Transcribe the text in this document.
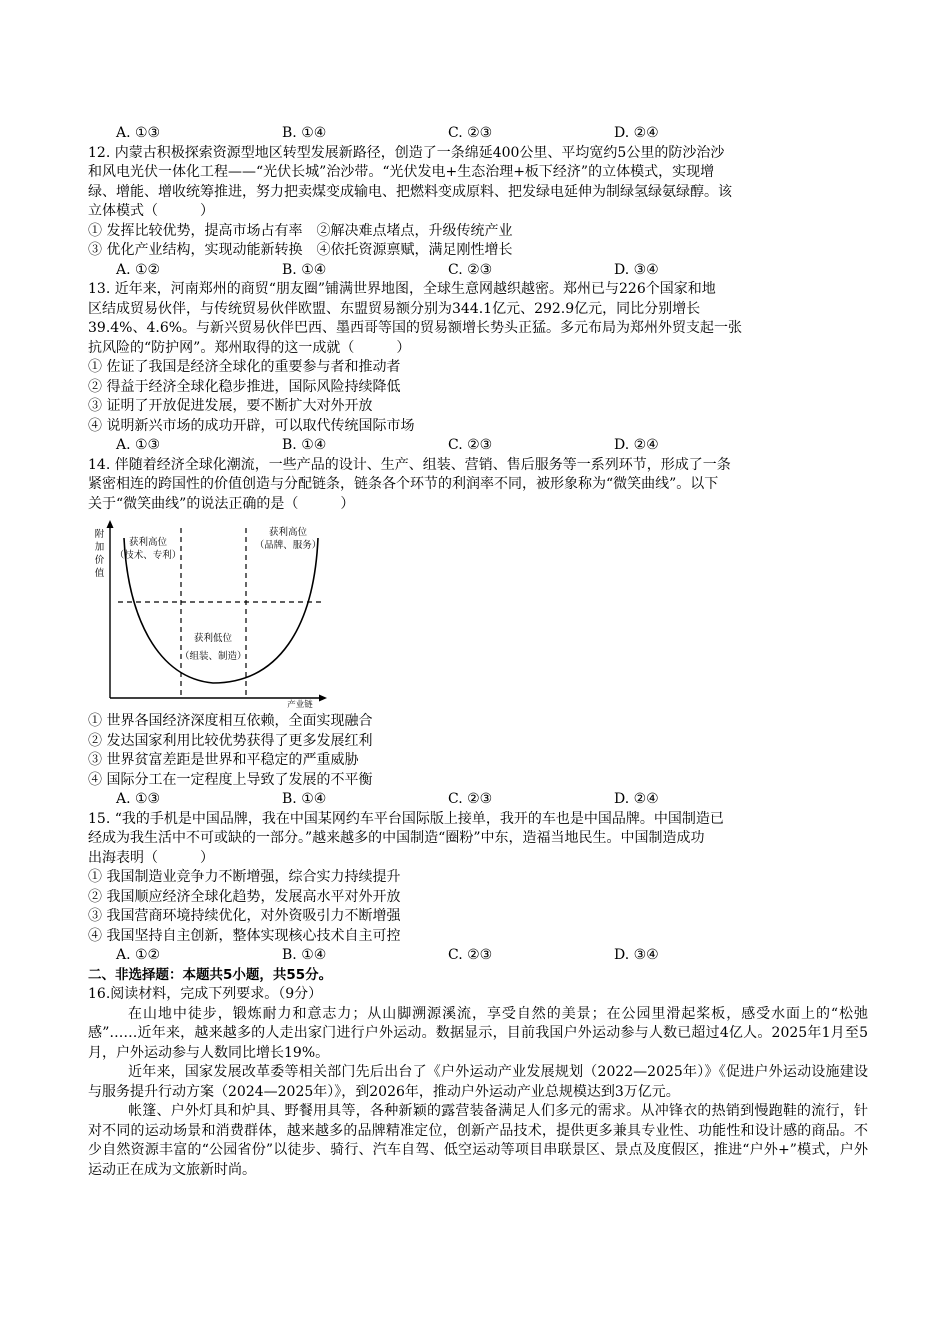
A. ①③	B. ①④	C. ②③	D. ②④
12. 内蒙古积极探索资源型地区转型发展新路径，创造了一条绵延400公里、平均宽约5公里的防沙治沙
和风电光伏一体化工程——“光伏长城”治沙带。“光伏发电+生态治理+板下经济”的立体模式，实现增
绿、增能、增收统筹推进，努力把卖煤变成输电、把燃料变成原料、把发绿电延伸为制绿氢绿氨绿醇。该
立体模式（　　　）
① 发挥比较优势，提高市场占有率　②解决难点堵点，升级传统产业
③ 优化产业结构，实现动能新转换　④依托资源禀赋，满足刚性增长
A. ①②	B. ①④	C. ②③	D. ③④
13. 近年来，河南郑州的商贸“朋友圈”铺满世界地图，全球生意网越织越密。郑州已与226个国家和地
区结成贸易伙伴，与传统贸易伙伴欧盟、东盟贸易额分别为344.1亿元、292.9亿元，同比分别增长
39.4%、4.6%。与新兴贸易伙伴巴西、墨西哥等国的贸易额增长势头正猛。多元布局为郑州外贸支起一张
抗风险的“防护网”。郑州取得的这一成就（　　　）
① 佐证了我国是经济全球化的重要参与者和推动者
② 得益于经济全球化稳步推进，国际风险持续降低
③ 证明了开放促进发展，要不断扩大对外开放
④ 说明新兴市场的成功开辟，可以取代传统国际市场
A. ①③	B. ①④	C. ②③	D. ②④
14. 伴随着经济全球化潮流，一些产品的设计、生产、组装、营销、售后服务等一系列环节，形成了一条
紧密相连的跨国性的价值创造与分配链条，链条各个环节的利润率不同，被形象称为“微笑曲线”。以下
关于“微笑曲线”的说法正确的是（　　　）
附
加
价
值
获利高位
（技术、专利）
获利高位
（品牌、服务）
获利低位
（组装、制造）
产业链
① 世界各国经济深度相互依赖，全面实现融合
② 发达国家利用比较优势获得了更多发展红利
③ 世界贫富差距是世界和平稳定的严重威胁
④ 国际分工在一定程度上导致了发展的不平衡
A. ①③	B. ①④	C. ②③	D. ②④
15. “我的手机是中国品牌，我在中国某网约车平台国际版上接单，我开的车也是中国品牌。中国制造已
经成为我生活中不可或缺的一部分。”越来越多的中国制造“圈粉”中东，造福当地民生。中国制造成功
出海表明（　　　）
① 我国制造业竞争力不断增强，综合实力持续提升
② 我国顺应经济全球化趋势，发展高水平对外开放
③ 我国营商环境持续优化，对外资吸引力不断增强
④ 我国坚持自主创新，整体实现核心技术自主可控
A. ①②	B. ①④	C. ②③	D. ③④
二、非选择题：本题共5小题，共55分。
16.阅读材料，完成下列要求。（9分）
在山地中徒步，锻炼耐力和意志力；从山脚溯源溪流，享受自然的美景；在公园里滑起桨板，感受水面上的“松弛感”……近年来，越来越多的人走出家门进行户外运动。数据显示，目前我国户外运动参与人数已超过4亿人。2025年1月至5月，户外运动参与人数同比增长19%。
近年来，国家发展改革委等相关部门先后出台了《户外运动产业发展规划（2022—2025年）》《促进户外运动设施建设与服务提升行动方案（2024—2025年）》，到2026年，推动户外运动产业总规模达到3万亿元。
帐篷、户外灯具和炉具、野餐用具等，各种新颖的露营装备满足人们多元的需求。从冲锋衣的热销到慢跑鞋的流行，针对不同的运动场景和消费群体，越来越多的品牌精准定位，创新产品技术，提供更多兼具专业性、功能性和设计感的商品。不少自然资源丰富的“公园省份”以徒步、骑行、汽车自驾、低空运动等项目串联景区、景点及度假区，推进“户外+”模式，户外运动正在成为文旅新时尚。
